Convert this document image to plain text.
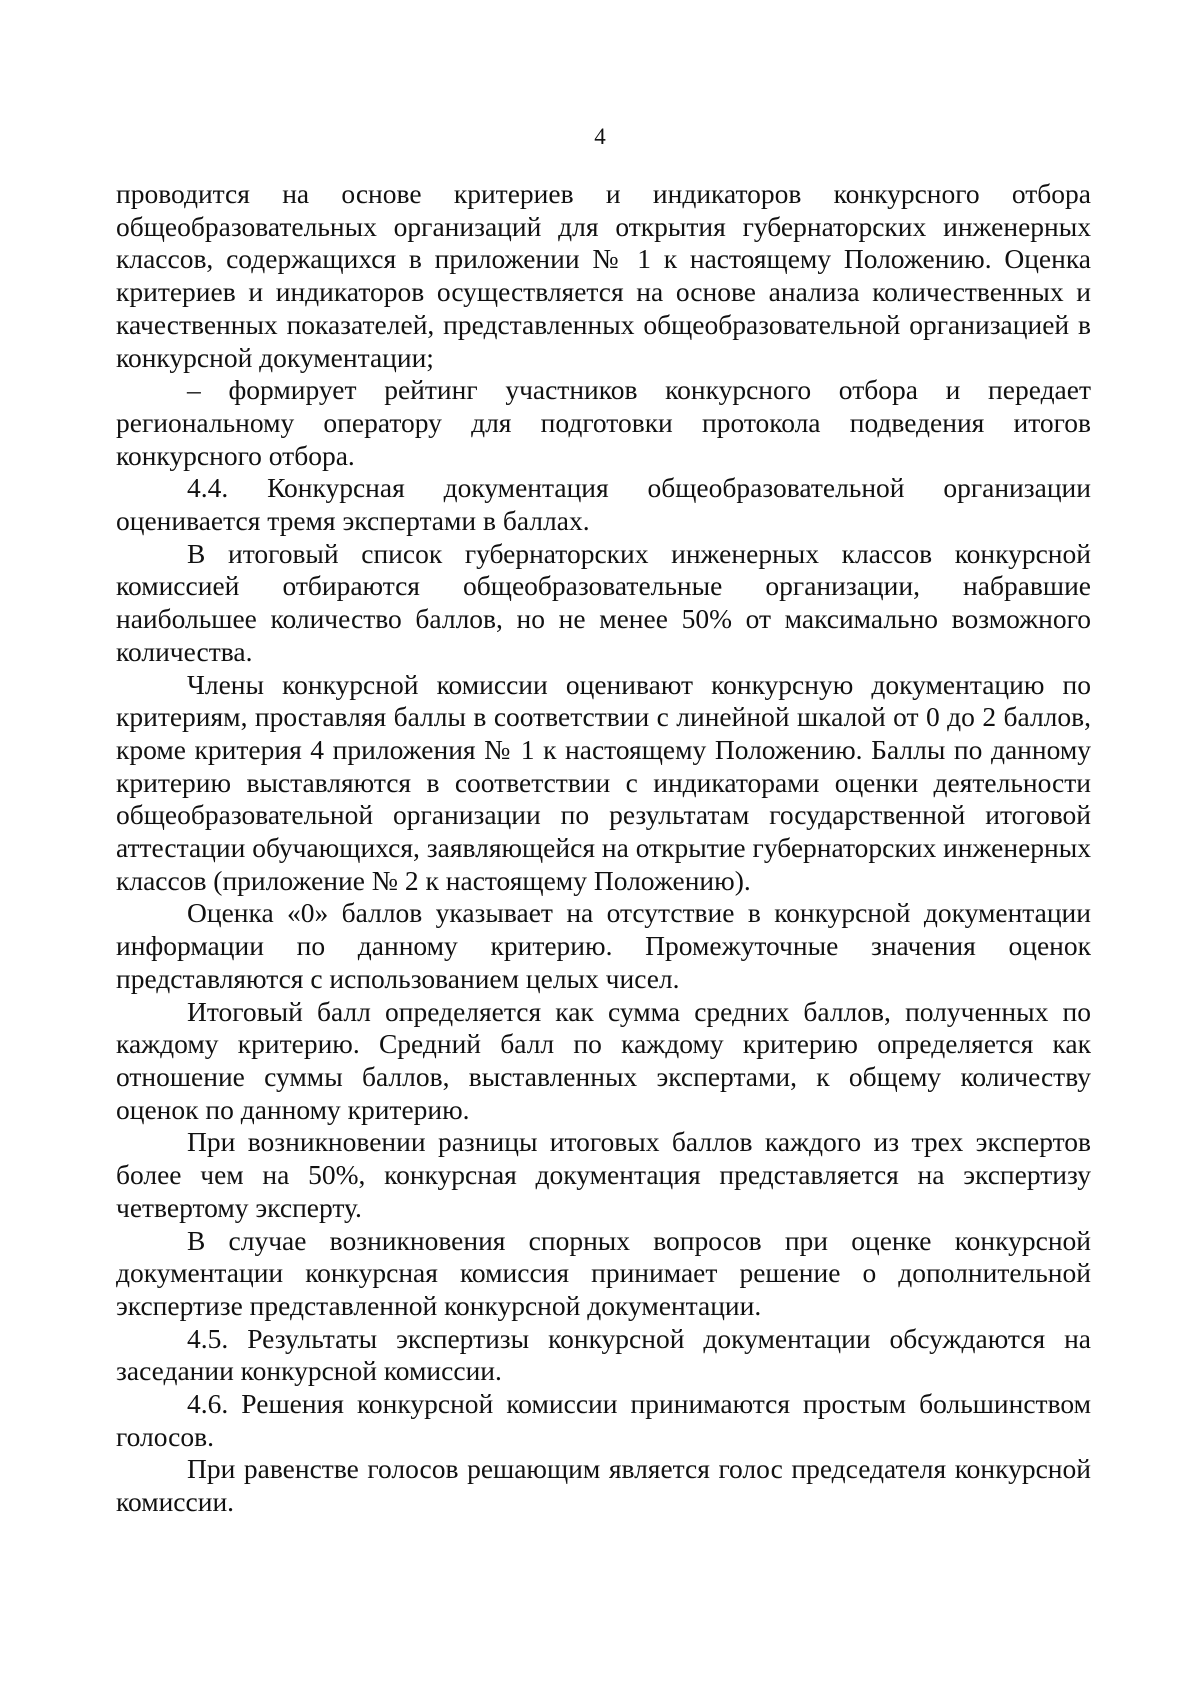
4

проводится на основе критериев и индикаторов конкурсного отбора общеобразовательных организаций для открытия губернаторских инженерных классов, содержащихся в приложении № 1 к настоящему Положению. Оценка критериев и индикаторов осуществляется на основе анализа количественных и качественных показателей, представленных общеобразовательной организацией в конкурсной документации;

– формирует рейтинг участников конкурсного отбора и передает региональному оператору для подготовки протокола подведения итогов конкурсного отбора.

4.4. Конкурсная документация общеобразовательной организации оценивается тремя экспертами в баллах.

В итоговый список губернаторских инженерных классов конкурсной комиссией отбираются общеобразовательные организации, набравшие наибольшее количество баллов, но не менее 50% от максимально возможного количества.

Члены конкурсной комиссии оценивают конкурсную документацию по критериям, проставляя баллы в соответствии с линейной шкалой от 0 до 2 баллов, кроме критерия 4 приложения № 1 к настоящему Положению. Баллы по данному критерию выставляются в соответствии с индикаторами оценки деятельности общеобразовательной организации по результатам государственной итоговой аттестации обучающихся, заявляющейся на открытие губернаторских инженерных классов (приложение № 2 к настоящему Положению).

Оценка «0» баллов указывает на отсутствие в конкурсной документации информации по данному критерию. Промежуточные значения оценок представляются с использованием целых чисел.

Итоговый балл определяется как сумма средних баллов, полученных по каждому критерию. Средний балл по каждому критерию определяется как отношение суммы баллов, выставленных экспертами, к общему количеству оценок по данному критерию.

При возникновении разницы итоговых баллов каждого из трех экспертов более чем на 50%, конкурсная документация представляется на экспертизу четвертому эксперту.

В случае возникновения спорных вопросов при оценке конкурсной документации конкурсная комиссия принимает решение о дополнительной экспертизе представленной конкурсной документации.

4.5. Результаты экспертизы конкурсной документации обсуждаются на заседании конкурсной комиссии.

4.6. Решения конкурсной комиссии принимаются простым большинством голосов.

При равенстве голосов решающим является голос председателя конкурсной комиссии.
